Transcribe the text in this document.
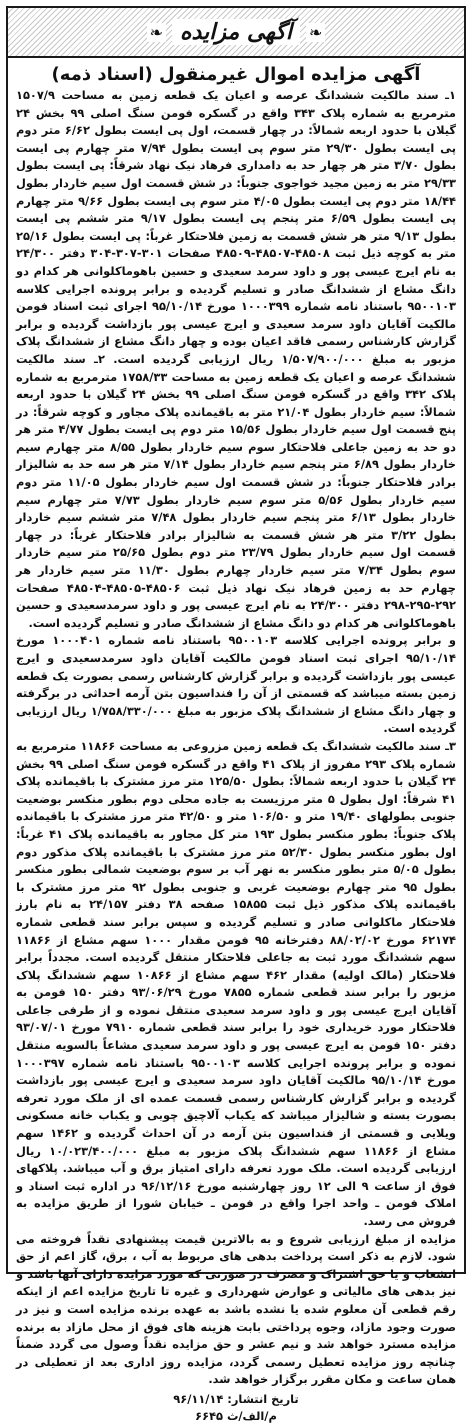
❧ آگهی مزایده	❧
آگهی مزایده اموال غیرمنقول (اسناد ذمه)

۱ـ سند مالکیت ششدانگ عرصه و اعیان یک قطعه زمین به مساحت ۱۵۰۷/۹ مترمربع به شماره پلاک ۳۴۳ واقع در گسکره فومن سنگ اصلی ۹۹ بخش ۲۴ گیلان با حدود اربعه شمالاً: در چهار قسمت، اول پی ایست بطول ۶/۶۲ متر دوم پی ایست بطول ۲۹/۳۰ متر سوم پی ایست بطول ۷/۹۴ متر چهارم پی ایست بطول ۳/۷۰ متر هر چهار حد به دامداری فرهاد نیک نهاد شرقاً: پی ایست بطول ۲۹/۳۳ متر به زمین مجید خواجوی جنوباً: در شش قسمت اول سیم خاردار بطول ۱۸/۴۴ متر دوم پی ایست بطول ۴/۰۵ متر سوم پی ایست بطول ۹/۶۶ متر چهارم پی ایست بطول ۶/۵۹ متر پنجم پی ایست بطول ۹/۱۷ متر ششم پی ایست بطول ۹/۱۳ متر هر شش قسمت به زمین فلاحتکار غرباً: پی ایست بطول ۲۵/۱۶ متر به کوچه ذیل ثبت ۴۸۵۰۸-۴۸۵۰۷-۴۸۵۰۹ صفحات ۳۰۱-۳۰۷-۳۰۴ دفتر ۲۴/۳۰۰ به نام ایرج عیسی پور و داود سرمد سعیدی و حسین باهوماکلوانی هر کدام دو دانگ مشاع از ششدانگ صادر و تسلیم گردیده و برابر پرونده اجرایی کلاسه ۹۵۰۰۱۰۳ باستناد نامه شماره ۱۰۰۰۳۹۹ مورخ ۹۵/۱۰/۱۴ اجرای ثبت اسناد فومن مالکیت آقایان داود سرمد سعیدی و ایرج عیسی پور بازداشت گردیده و برابر گزارش کارشناس رسمی فاقد اعیان بوده و چهار دانگ مشاع از ششدانگ پلاک مزبور به مبلغ ۱/۵۰۷/۹۰۰/۰۰۰ ریال ارزیابی گردیده است. ۲ـ سند مالکیت ششدانگ عرصه و اعیان یک قطعه زمین به مساحت ۱۷۵۸/۳۳ مترمربع به شماره پلاک ۳۴۲ واقع در گسکره فومن سنگ اصلی ۹۹ بخش ۲۴ گیلان با حدود اربعه شمالاً: سیم خاردار بطول ۲۱/۰۴ متر به باقیمانده پلاک مجاور و کوچه شرقاً: در پنج قسمت اول سیم خاردار بطول ۱۵/۵۶ متر دوم پی ایست بطول ۴/۷۷ متر هر دو حد به زمین جاعلی فلاحتکار سوم سیم خاردار بطول ۸/۵۵ متر چهارم سیم خاردار بطول ۶/۸۹ متر پنجم سیم خاردار بطول ۷/۱۴ متر هر سه حد به شالیزار برادر فلاحتکار جنوباً: در شش قسمت اول سیم خاردار بطول ۱۱/۰۵ متر دوم سیم خاردار بطول ۵/۵۶ متر سوم سیم خاردار بطول ۷/۷۳ متر چهارم سیم خاردار بطول ۶/۱۳ متر پنجم سیم خاردار بطول ۷/۴۸ متر ششم سیم خاردار بطول ۳/۲۲ متر هر شش قسمت به شالیزار برادر فلاحتکار غرباً: در چهار قسمت اول سیم خاردار بطول ۲۳/۷۹ متر دوم بطول ۲۵/۶۵ متر سیم خاردار سوم بطول ۷/۳۴ متر سیم خاردار چهارم بطول ۱۱/۳۰ متر سیم خاردار هر چهارم حد به زمین فرهاد نیک نهاد ذیل ثبت ۴۸۵۰۶-۴۸۵۰۵-۴۸۵۰۴ صفحات ۲۹۲-۲۹۵-۲۹۸ دفتر ۲۴/۳۰۰ به نام ایرج عیسی پور و داود سرمدسعیدی و حسین باهوماکلوانی هر کدام دو دانگ مشاع از ششدانگ صادر و تسلیم گردیده است.

و برابر پرونده اجرایی کلاسه ۹۵۰۰۱۰۳ باستناد نامه شماره ۱۰۰۰۴۰۱ مورخ ۹۵/۱۰/۱۴ اجرای ثبت اسناد فومن مالکیت آقایان داود سرمدسعیدی و ایرج عیسی پور بازداشت گردیده و برابر گزارش کارشناس رسمی بصورت یک قطعه زمین بسته میباشد که قسمتی از آن را فنداسیون بتن آرمه احداثی در برگرفته و چهار دانگ مشاع از ششدانگ پلاک مزبور به مبلغ ۱/۷۵۸/۳۳۰/۰۰۰ ریال ارزیابی گردیده است.

۳ـ سند مالکیت ششدانگ یک قطعه زمین مزروعی به مساحت ۱۱۸۶۶ مترمربع به شماره پلاک ۲۹۳ مفروز از پلاک ۴۱ واقع در گسکره فومن سنگ اصلی ۹۹ بخش ۲۴ گیلان با حدود اربعه شمالاً: بطول ۱۲۵/۵۰ متر مرز مشترک با باقیمانده پلاک ۴۱ شرقاً: اول بطول ۵ متر مرزیست به جاده محلی دوم بطور منکسر بوضعیت جنوبی بطولهای ۱۹/۴۰ متر و ۱۰۶/۵۰ متر و ۴۲/۵۰ متر مرز مشترک با باقیمانده پلاک جنوباً: بطور منکسر بطول ۱۹۳ متر کل مجاور به باقیمانده پلاک ۴۱ غرباً: اول بطور منکسر بطول ۵۲/۳۰ متر مرز مشترک با باقیمانده پلاک مذکور دوم بطول ۵/۰۵ متر بطور منکسر به نهر آب بر سوم بوضعیت شمالی بطور منکسر بطول ۹۵ متر چهارم بوضعیت غربی و جنوبی بطول ۹۲ متر مرز مشترک با باقیمانده پلاک مذکور ذیل ثبت ۱۵۸۵۵ صفحه ۳۸ دفتر ۲۴/۱۵۷ به نام بارز فلاحتکار ماکلوانی صادر و تسلیم گردیده و سپس برابر سند قطعی شماره ۶۲۱۷۴ مورخ ۸۸/۰۲/۰۲ دفترخانه ۹۵ فومن مقدار ۱۰۰۰ سهم مشاع از ۱۱۸۶۶ سهم ششدانگ مورد ثبت به جاعلی فلاحتکار منتقل گردیده است. مجدداً برابر فلاحتکار (مالک اولیه) مقدار ۴۶۲ سهم مشاع از ۱۰۸۶۶ سهم ششدانگ پلاک مزبور را برابر سند قطعی شماره ۷۸۵۵ مورخ ۹۳/۰۶/۲۹ دفتر ۱۵۰ فومن به آقایان ایرج عیسی پور و داود سرمد سعیدی منتقل نموده و از طرفی جاعلی فلاحتکار مورد خریداری خود را برابر سند قطعی شماره ۷۹۱۰ مورخ ۹۳/۰۷/۰۱ دفتر ۱۵۰ فومن به ایرج عیسی پور و داود سرمد سعیدی مشاعاً بالسویه منتقل نموده و برابر پرونده اجرایی کلاسه ۹۵۰۰۱۰۳ باستناد نامه شماره ۱۰۰۰۳۹۷ مورخ ۹۵/۱۰/۱۴ مالکیت آقایان داود سرمد سعیدی و ایرج عیسی پور بازداشت گردیده و برابر گزارش کارشناس رسمی قسمت عمده ای از ملک مورد تعرفه بصورت بسته و شالیزار میباشد که یکباب آلاچیق چوبی و یکباب خانه مسکونی ویلایی و قسمتی از فنداسیون بتن آرمه در آن احداث گردیده و ۱۴۶۲ سهم مشاع از ۱۱۸۶۶ سهم ششدانگ پلاک مزبور به مبلغ ۱۰/۰۲۳/۴۰۰/۰۰۰ ریال ارزیابی گردیده است. ملک مورد تعرفه دارای امتیاز برق و آب میباشد. پلاکهای فوق از ساعت ۹ الی ۱۲ روز چهارشنبه مورخ ۹۶/۱۲/۱۶ در اداره ثبت اسناد و املاک فومن ـ واحد اجرا واقع در فومن ـ خیابان شورا از طریق مزایده به فروش می رسد.

مزایده از مبلغ ارزیابی شروع و به بالاترین قیمت پیشنهادی نقداً فروخته می شود. لازم به ذکر است پرداخت بدهی های مربوط به آب ، برق، گاز اعم از حق انشعاب و یا حق اشتراک و مصرف در صورتی که مورد مزایده دارای آنها باشد و نیز بدهی های مالیاتی و عوارض شهرداری و غیره تا تاریخ مزایده اعم از اینکه رقم قطعی آن معلوم شده یا نشده باشد به عهده برنده مزایده است و نیز در صورت وجود مازاد، وجوه پرداختی بابت هزینه های فوق از محل مازاد به برنده مزایده مسترد خواهد شد و نیم عشر و حق مزایده نقداً وصول می گردد ضمناً چنانچه روز مزایده تعطیل رسمی گردد، مزایده روز اداری بعد از تعطیلی در همان ساعت و مکان مقرر برگزار خواهد شد.

تاریخ انتشار: ۹۶/۱۱/۱۴
م/الف/ث ۶۶۴۵
